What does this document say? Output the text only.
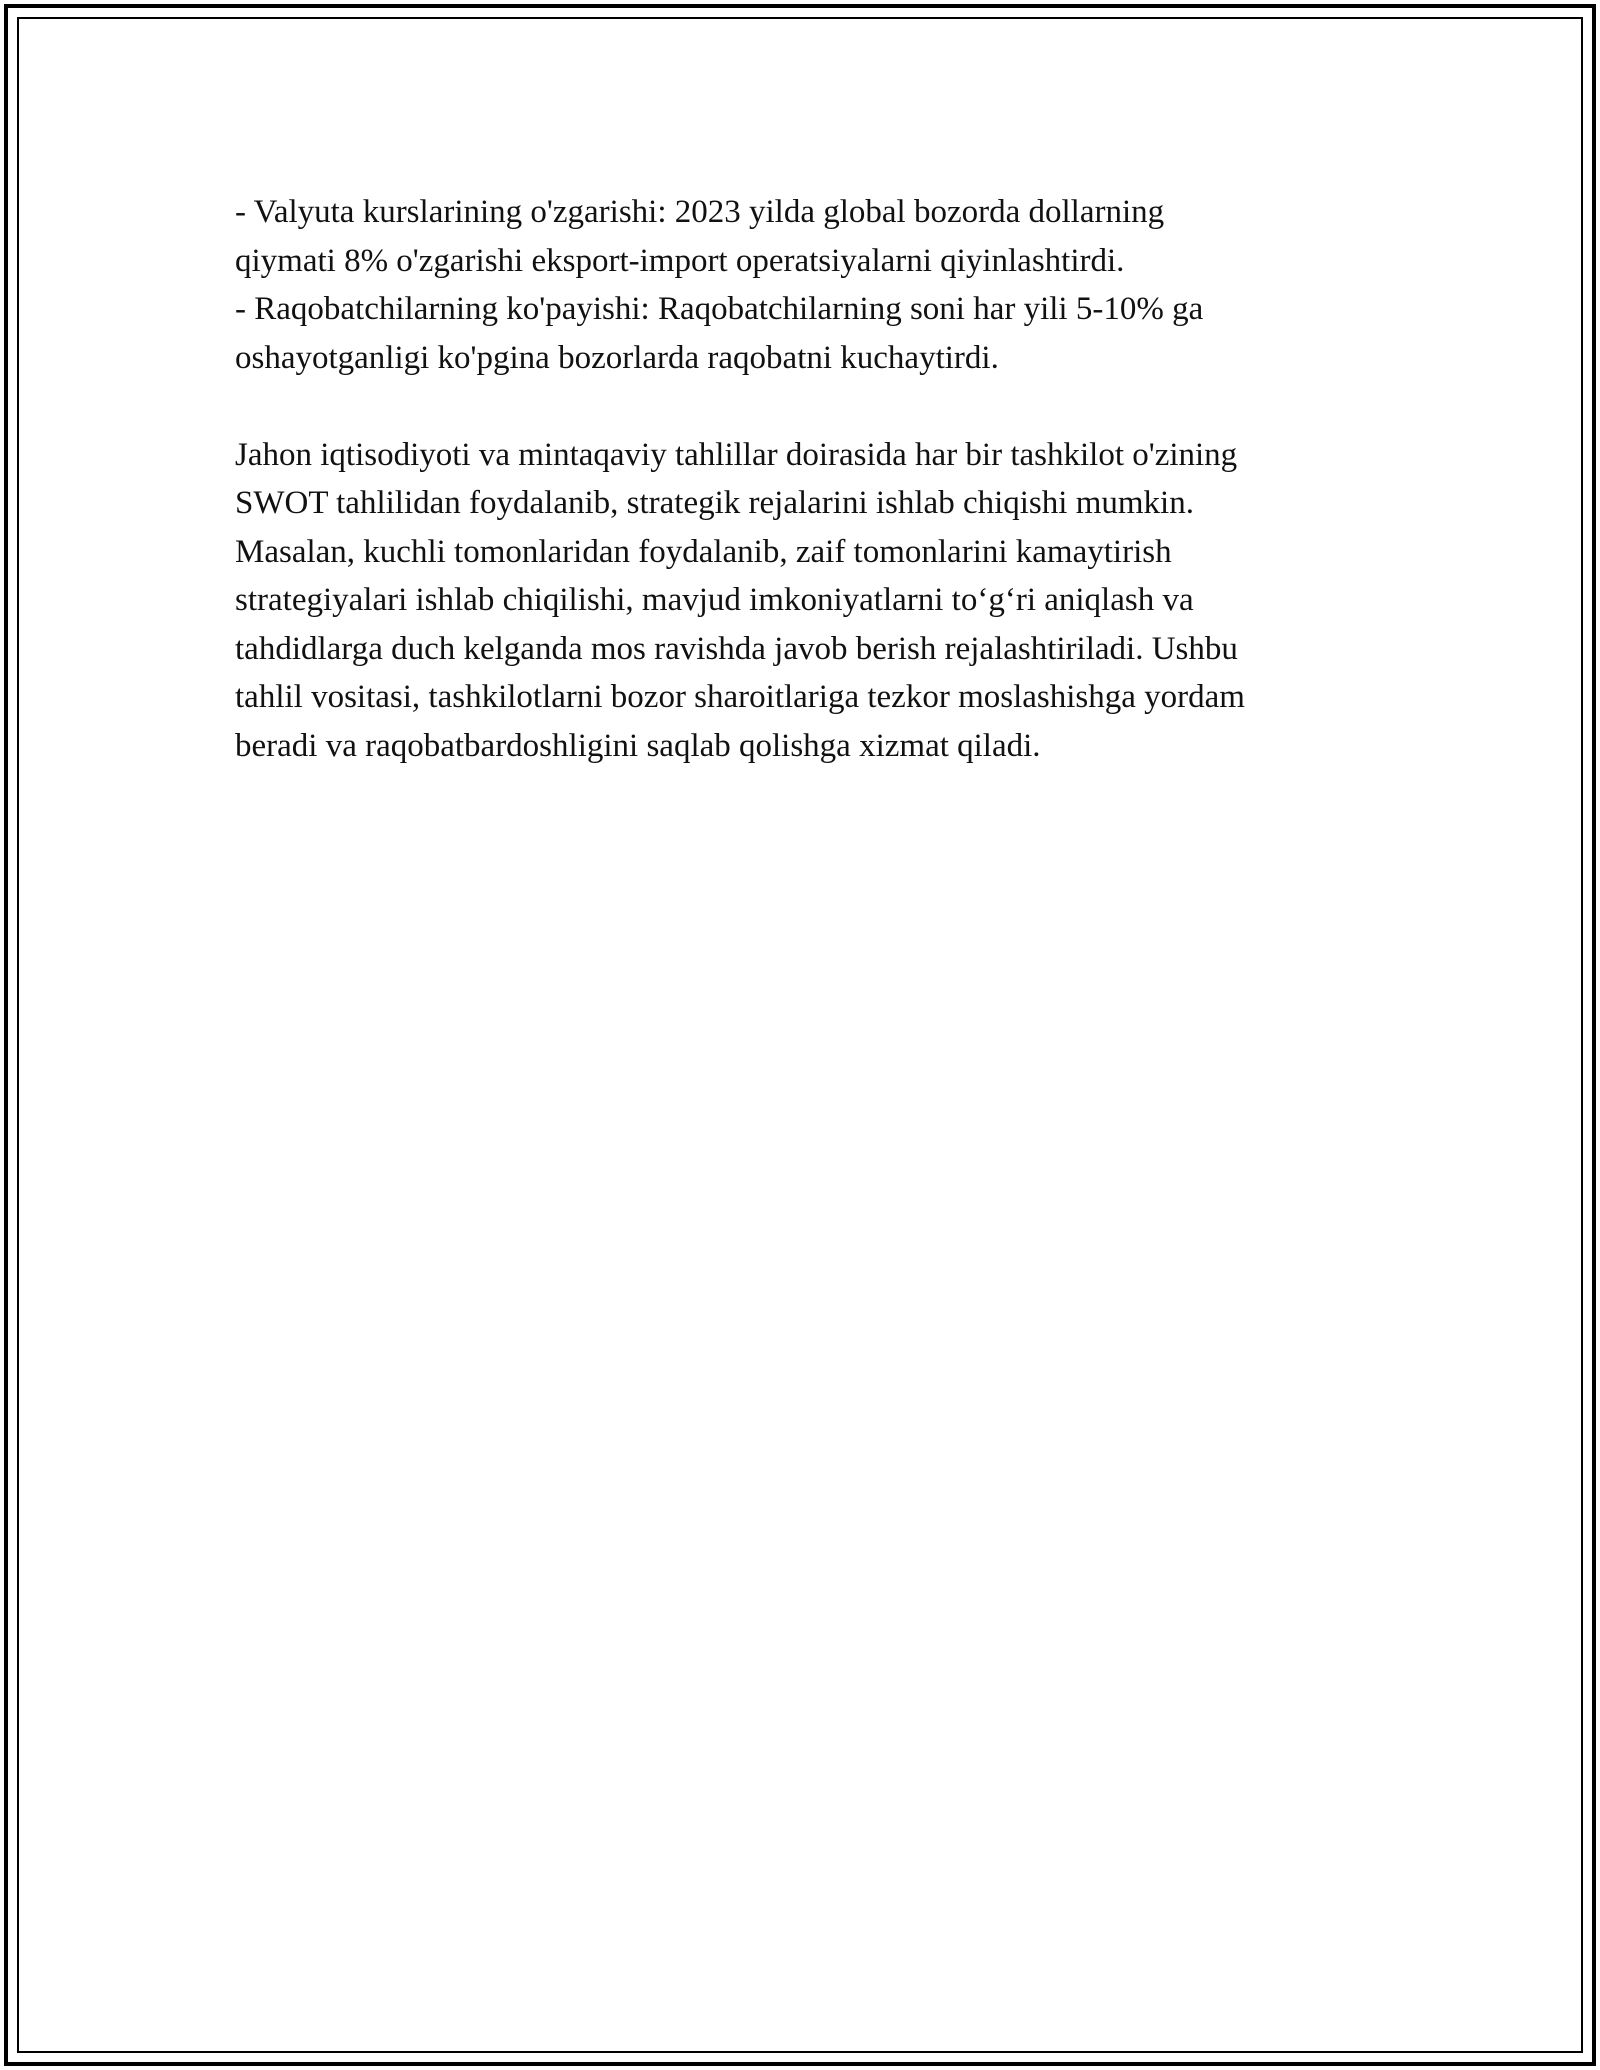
- Valyuta kurslarining o'zgarishi: 2023 yilda global bozorda dollarning
qiymati 8% o'zgarishi eksport-import operatsiyalarni qiyinlashtirdi.
- Raqobatchilarning ko'payishi: Raqobatchilarning soni har yili 5-10% ga
oshayotganligi ko'pgina bozorlarda raqobatni kuchaytirdi.

Jahon iqtisodiyoti va mintaqaviy tahlillar doirasida har bir tashkilot o'zining
SWOT tahlilidan foydalanib, strategik rejalarini ishlab chiqishi mumkin.
Masalan, kuchli tomonlaridan foydalanib, zaif tomonlarini kamaytirish
strategiyalari ishlab chiqilishi, mavjud imkoniyatlarni to‘g‘ri aniqlash va
tahdidlarga duch kelganda mos ravishda javob berish rejalashtiriladi. Ushbu
tahlil vositasi, tashkilotlarni bozor sharoitlariga tezkor moslashishga yordam
beradi va raqobatbardoshligini saqlab qolishga xizmat qiladi.
